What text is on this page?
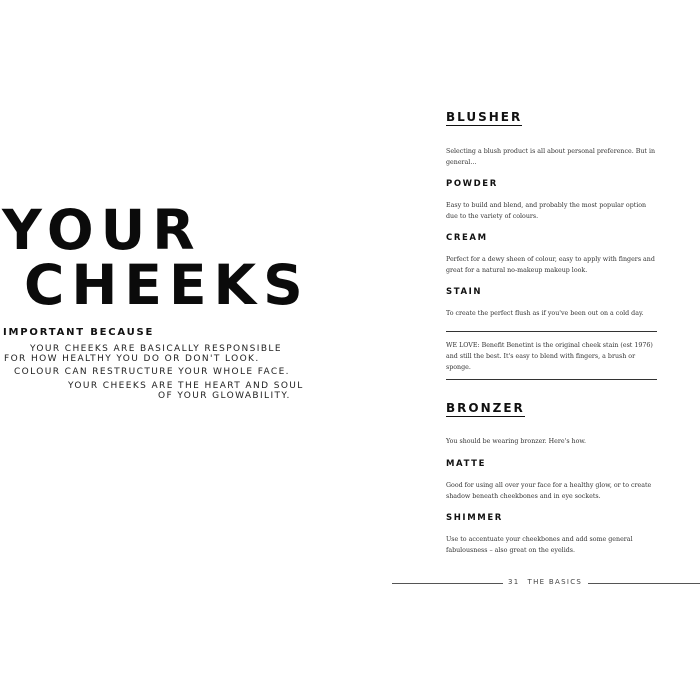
YOUR
CHEEKS

IMPORTANT BECAUSE

YOUR CHEEKS ARE BASICALLY RESPONSIBLE

FOR HOW HEALTHY YOU DO OR DON'T LOOK.

COLOUR CAN RESTRUCTURE YOUR WHOLE FACE.

YOUR CHEEKS ARE THE HEART AND SOUL

OF YOUR GLOWABILITY.

BLUSHER

Selecting a blush product is all about personal preference. But in general...

POWDER

Easy to build and blend, and probably the most popular option due to the variety of colours.

CREAM

Perfect for a dewy sheen of colour, easy to apply with fingers and great for a natural no-makeup makeup look.

STAIN

To create the perfect flush as if you've been out on a cold day.

WE LOVE: Benefit Benetint is the original cheek stain (est 1976) and still the best. It's easy to blend with fingers, a brush or sponge.

BRONZER

You should be wearing bronzer. Here's how.

MATTE

Good for using all over your face for a healthy glow, or to create shadow beneath cheekbones and in eye sockets.

SHIMMER

Use to accentuate your cheekbones and add some general fabulousness – also great on the eyelids.

31 THE BASICS
